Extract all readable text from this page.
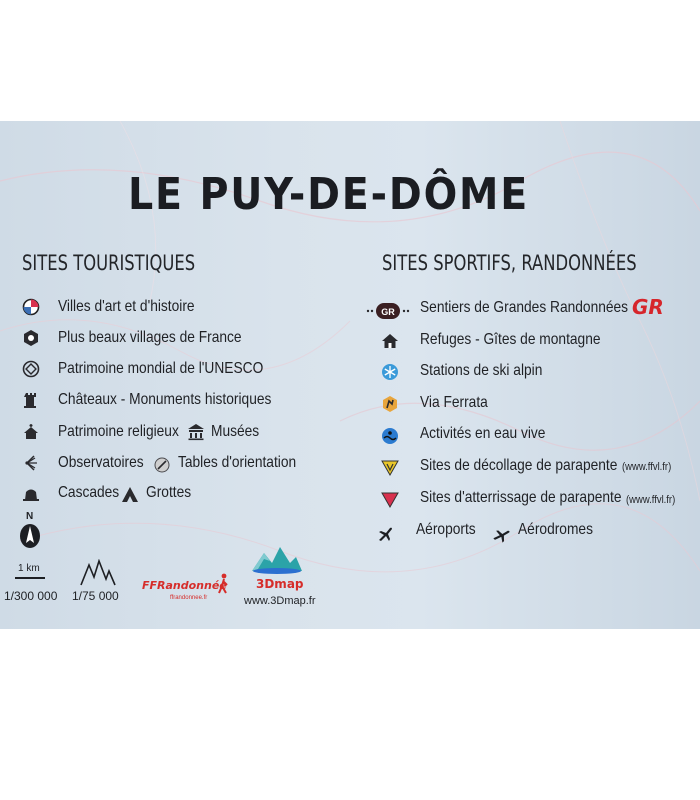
LE PUY-DE-DÔME
SITES TOURISTIQUES	SITES SPORTIFS, RANDONNÉES
Villes d'art et d'histoire
Plus beaux villages de France
Patrimoine mondial de l'UNESCO
Châteaux - Monuments historiques
Patrimoine religieux Musées
Observatoires Tables d'orientation
Cascades Grottes
GR Sentiers de Grandes Randonnées GR
Refuges - Gîtes de montagne
Stations de ski alpin
Via Ferrata
Activités en eau vive
Sites de décollage de parapente (www.ffvl.fr)
Sites d'atterrissage de parapente (www.ffvl.fr)
Aéroports	Aérodromes
N
1 km
1/300 000 1/75 000
FFRandonnée
ffrandonnee.fr
3Dmap
www.3Dmap.fr
